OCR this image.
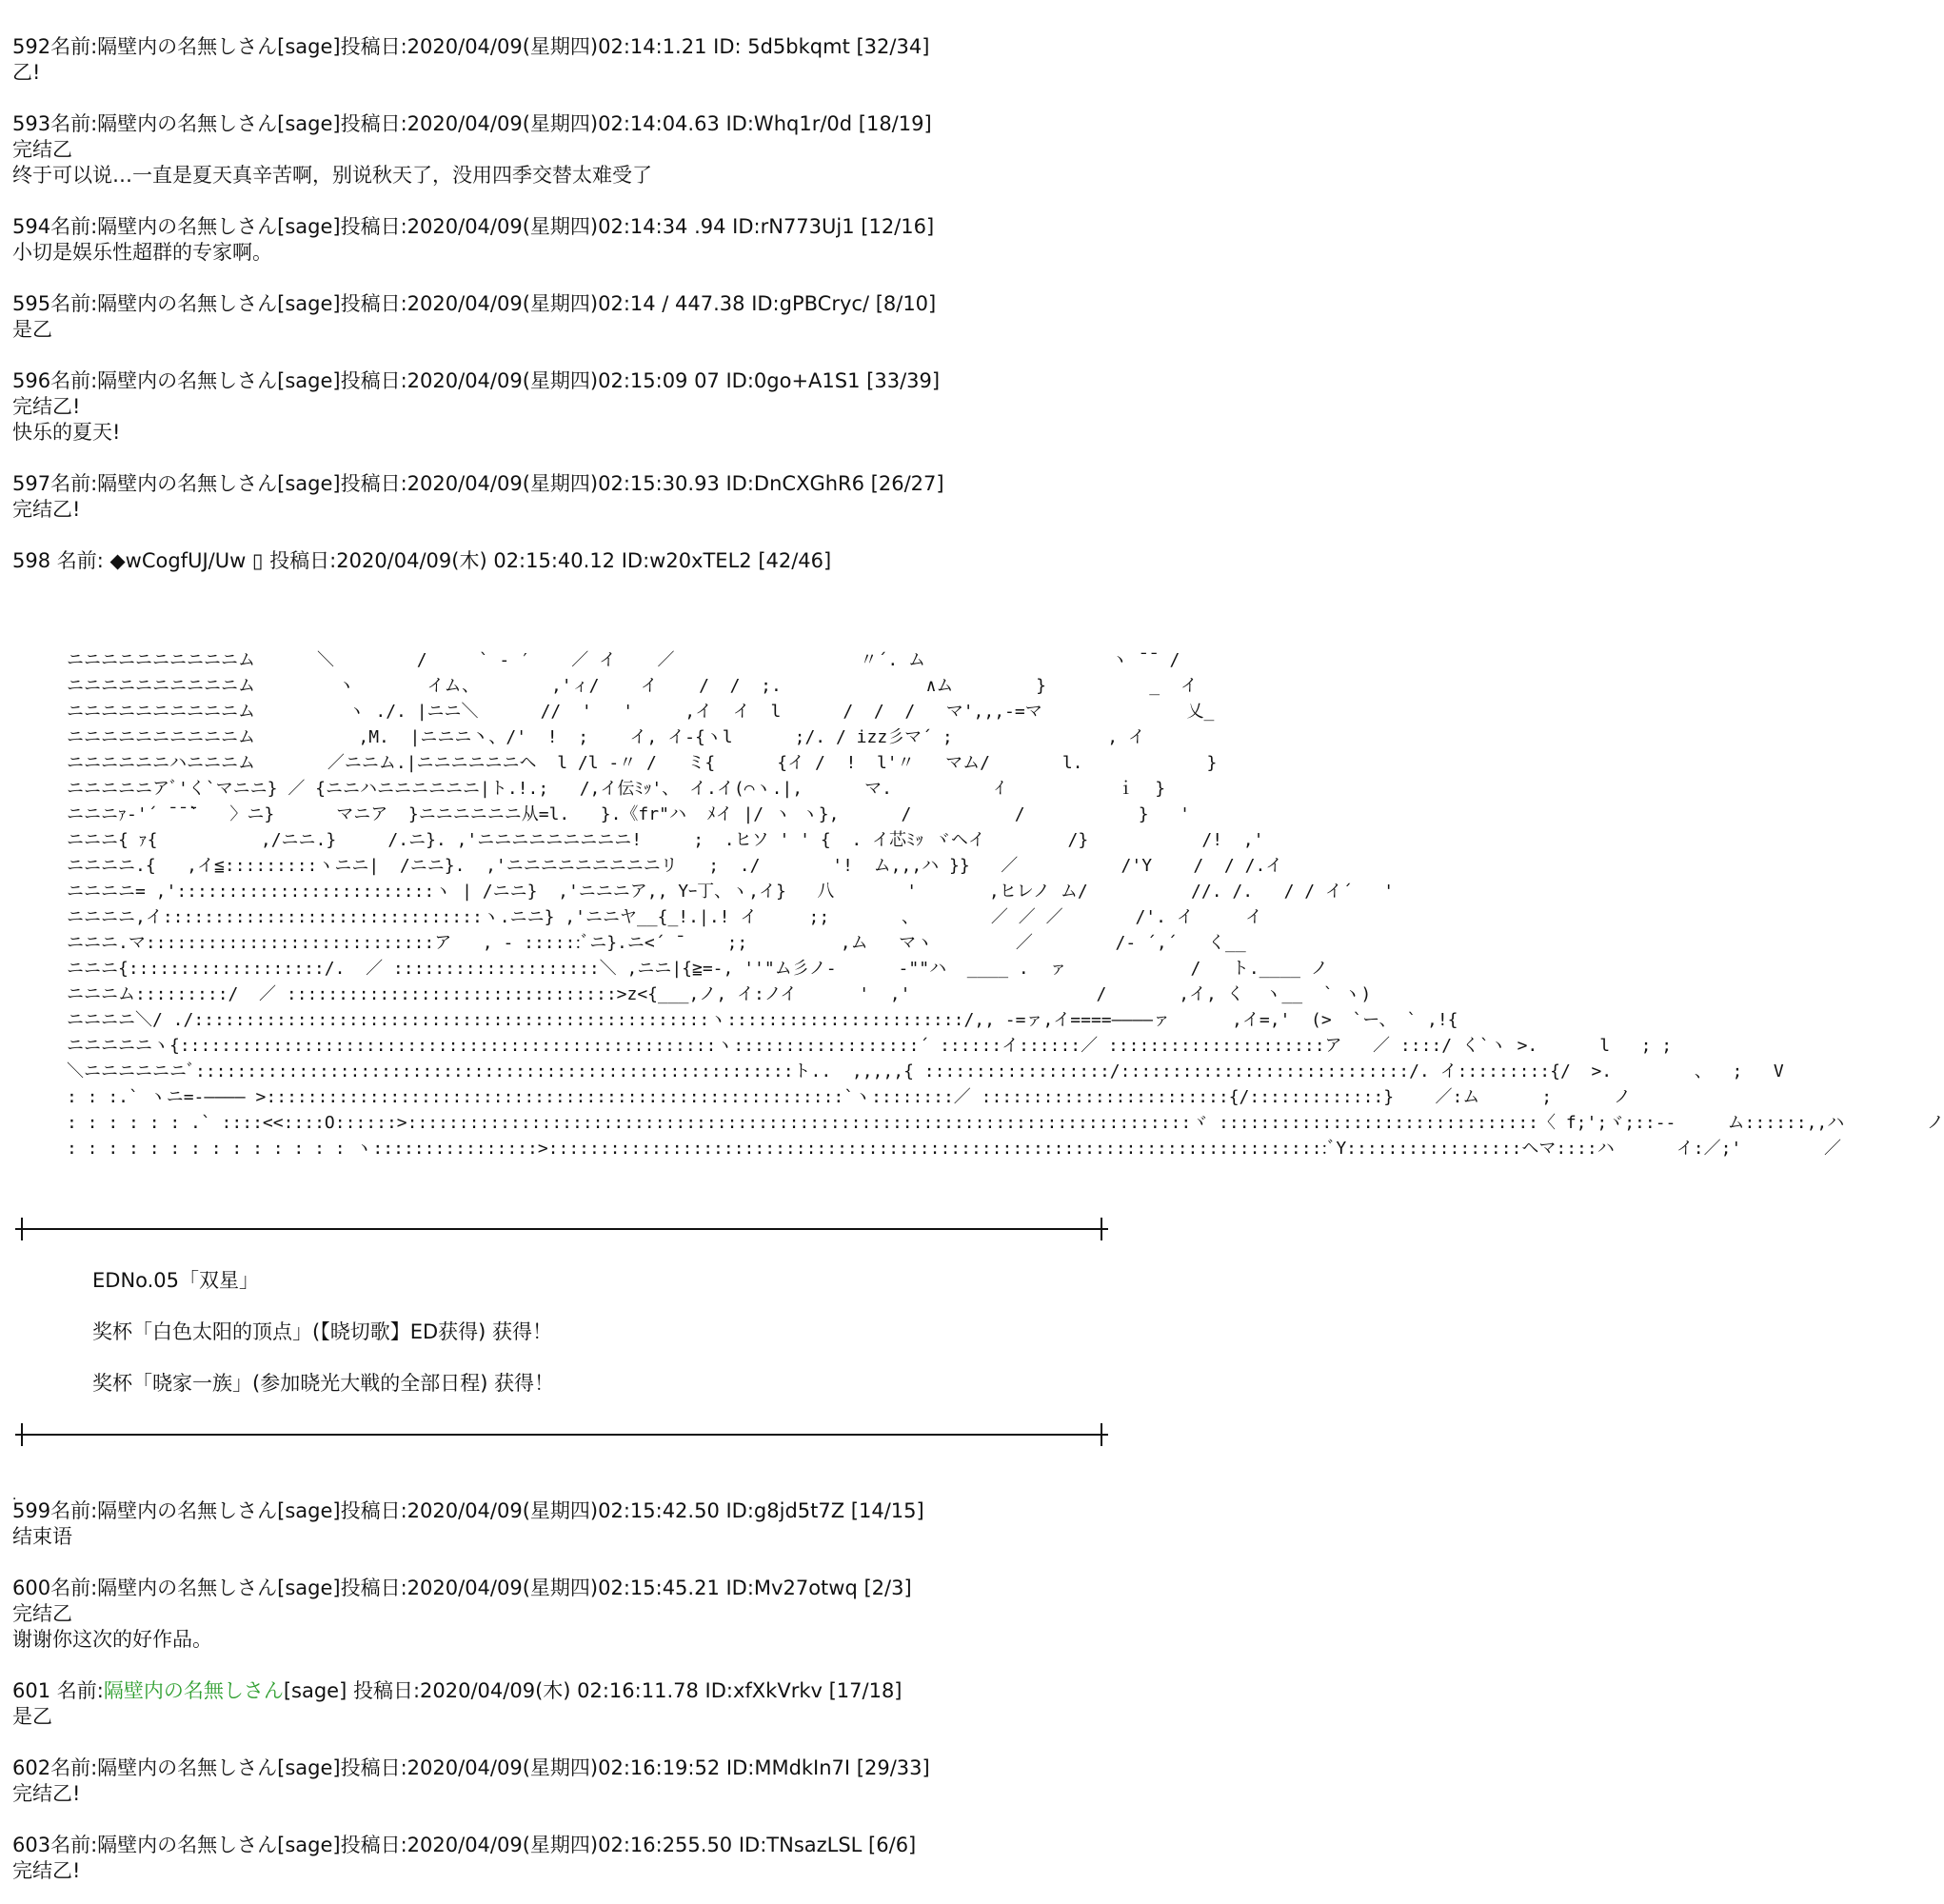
592名前:隔壁内の名無しさん[sage]投稿日:2020/04/09(星期四)02:14:1.21 ID: 5d5bkqmt [32/34]
乙!
593名前:隔壁内の名無しさん[sage]投稿日:2020/04/09(星期四)02:14:04.63 ID:Whq1r/0d [18/19]
完结乙
终于可以说…一直是夏天真辛苦啊，别说秋天了，没用四季交替太难受了
594名前:隔壁内の名無しさん[sage]投稿日:2020/04/09(星期四)02:14:34 .94 ID:rN773Uj1 [12/16]
小切是娱乐性超群的专家啊。
595名前:隔壁内の名無しさん[sage]投稿日:2020/04/09(星期四)02:14 / 447.38 ID:gPBCryc/ [8/10]
是乙
596名前:隔壁内の名無しさん[sage]投稿日:2020/04/09(星期四)02:15:09 07 ID:0go+A1S1 [33/39]
完结乙!
快乐的夏天!
597名前:隔壁内の名無しさん[sage]投稿日:2020/04/09(星期四)02:15:30.93 ID:DnCXGhR6 [26/27]
完结乙!
598 名前: ◆wCogfUJ/Uw ▯ 投稿日:2020/04/09(木) 02:15:40.12 ID:w20xTEL2 [42/46]
ニニニニニニニニニニム      ＼        /     ` - ′    ／ イ    ／                  〃´. ム                  ヽ ̄ ̄  /
ニニニニニニニニニニム        ヽ       イム、       ,'ィ/    イ    /  /  ;.              ∧ム        }          _  イ
ニニニニニニニニニニム         ヽ ./. |ニニ＼      //  '   '     ,イ  イ  l      /  /  /   マ',,,-=マ              乂_
ニニニニニニニニニニム          ,M.  |ニニニ丶、/'  !  ;    イ, イ-{ヽl      ;/. / izz彡マ´ ;               , イ
ニニニニニニハニニニム       ／ニニム.|ニニニニニニヘ  l /l -〃 /   ミ{      {イ /  !  l'〃   マム/       l.            }
ニニニニニアﾞ'く`マニニ} ／ {ニニハニニニニニニ|ト.!.;   /,イ伝ﾐｯ'、 イ.イ(⌒ヽ.|,      マ.          ｲ           ｉ  }
ニニニｧ-'´ ̄ ̄ ̄`   〉ニ}      マニア  }ニニニニニニ从=l.   }.《fr"ハ  ﾒイ |/ ヽ ヽ},      /          /           }   '
ニニニ{ ｧ{          ,/ニニ.}     /.ニ}. ,'ニニニニニニニニニ!     ;  .ヒソ ' ' {  . イ芯ﾐｯ ヾヘイ        /}           /!  ,'
ニニニニ.{   ,イ≦:::::::::ヽニニ|  /ニニ}.  ,'ニニニニニニニニニリ   ;  ./       '!  ム,,,ハ }}   ／          /'Y    /  / /.イ
ニニニニ= ,':::::::::::::::::::::::::ヽ | /ニニ}  ,'ニニニア,, Yｰ丁、ヽ,イ}   八       '       ,ヒレノ ム/          //. /.   / / イ´   '
ニニニニ,イ:::::::::::::::::::::::::::::::ヽ.ニニ} ,'ニニヤ__{_!.|.! イ     ;;       、       ／ ／ ／       /'. イ     イ
ニニニ.マ::::::::::::::::::::::::::::ア   , - ::::::ﾞニ}.ニ<´ ̄     ;;         ,ム   マヽ        ／        /- ´,´   く__
ニニニ{:::::::::::::::::::/.  ／ ::::::::::::::::::::＼ ,ニニ|{≧=-, ''"ム彡ノ-      -""ハ  ____ .  ァ            /   ト.____ ノ
ニニニム:::::::::/  ／ ::::::::::::::::::::::::::::::::>z<{___,ノ, イ:ノイ      '  ,'                  /       ,イ, く  ヽ__  ` ヽ)
ニニニニ＼/ ./::::::::::::::::::::::::::::::::::::::::::::::::::ヽ:::::::::::::::::::::::/,, -=ァ,イ====――――ァ      ,イ=,'  (>  `ー、 ` ,!{
ニニニニニヽ{::::::::::::::::::::::::::::::::::::::::::::::::::::ヽ::::::::::::::::::´ ::::::イ::::::／ :::::::::::::::::::::ア   ／ ::::/ く`ヽ >.      l   ; ;
＼ニニニニニニﾞ::::::::::::::::::::::::::::::::::::::::::::::::::::::::::ト..  ,,,,,{ ::::::::::::::::::/::::::::::::::::::::::::::::/. イ:::::::::{/  >.        、  ;   V
: : :.` ヽニ=-―――― >::::::::::::::::::::::::::::::::::::::::::::::::::::::::`ヽ::::::::／ ::::::::::::::::::::::::{/:::::::::::::}    ／:ム      ;      ノ
: : : : : : .` ::::<<::::O::::::>::::::::::::::::::::::::::::::::::::::::::::::::::::::::::::::::::::::::::::ヾ :::::::::::::::::::::::::::::::〈 f;';ヾ;::--     ム::::::,,ハ        ノ
: : : : : : : : : : : : : : ヽ::::::::::::::::>::::::::::::::::::::::::::::::::::::::::::::::::::::::::::::::::::::::::::::ﾞY:::::::::::::::::ヘマ::::ハ      イ:／;'        ／
EDNo.05「双星」
奖杯「白色太阳的顶点」(【晓切歌】ED获得) 获得！
奖杯「晓家一族」(参加晓光大戦的全部日程) 获得！
．
599名前:隔壁内の名無しさん[sage]投稿日:2020/04/09(星期四)02:15:42.50 ID:g8jd5t7Z [14/15]
结束语
600名前:隔壁内の名無しさん[sage]投稿日:2020/04/09(星期四)02:15:45.21 ID:Mv27otwq [2/3]
完结乙
谢谢你这次的好作品。
601 名前:隔壁内の名無しさん[sage] 投稿日:2020/04/09(木) 02:16:11.78 ID:xfXkVrkv [17/18]
是乙
602名前:隔壁内の名無しさん[sage]投稿日:2020/04/09(星期四)02:16:19:52 ID:MMdkIn7I [29/33]
完结乙!
603名前:隔壁内の名無しさん[sage]投稿日:2020/04/09(星期四)02:16:255.50 ID:TNsazLSL [6/6]
完结乙!
